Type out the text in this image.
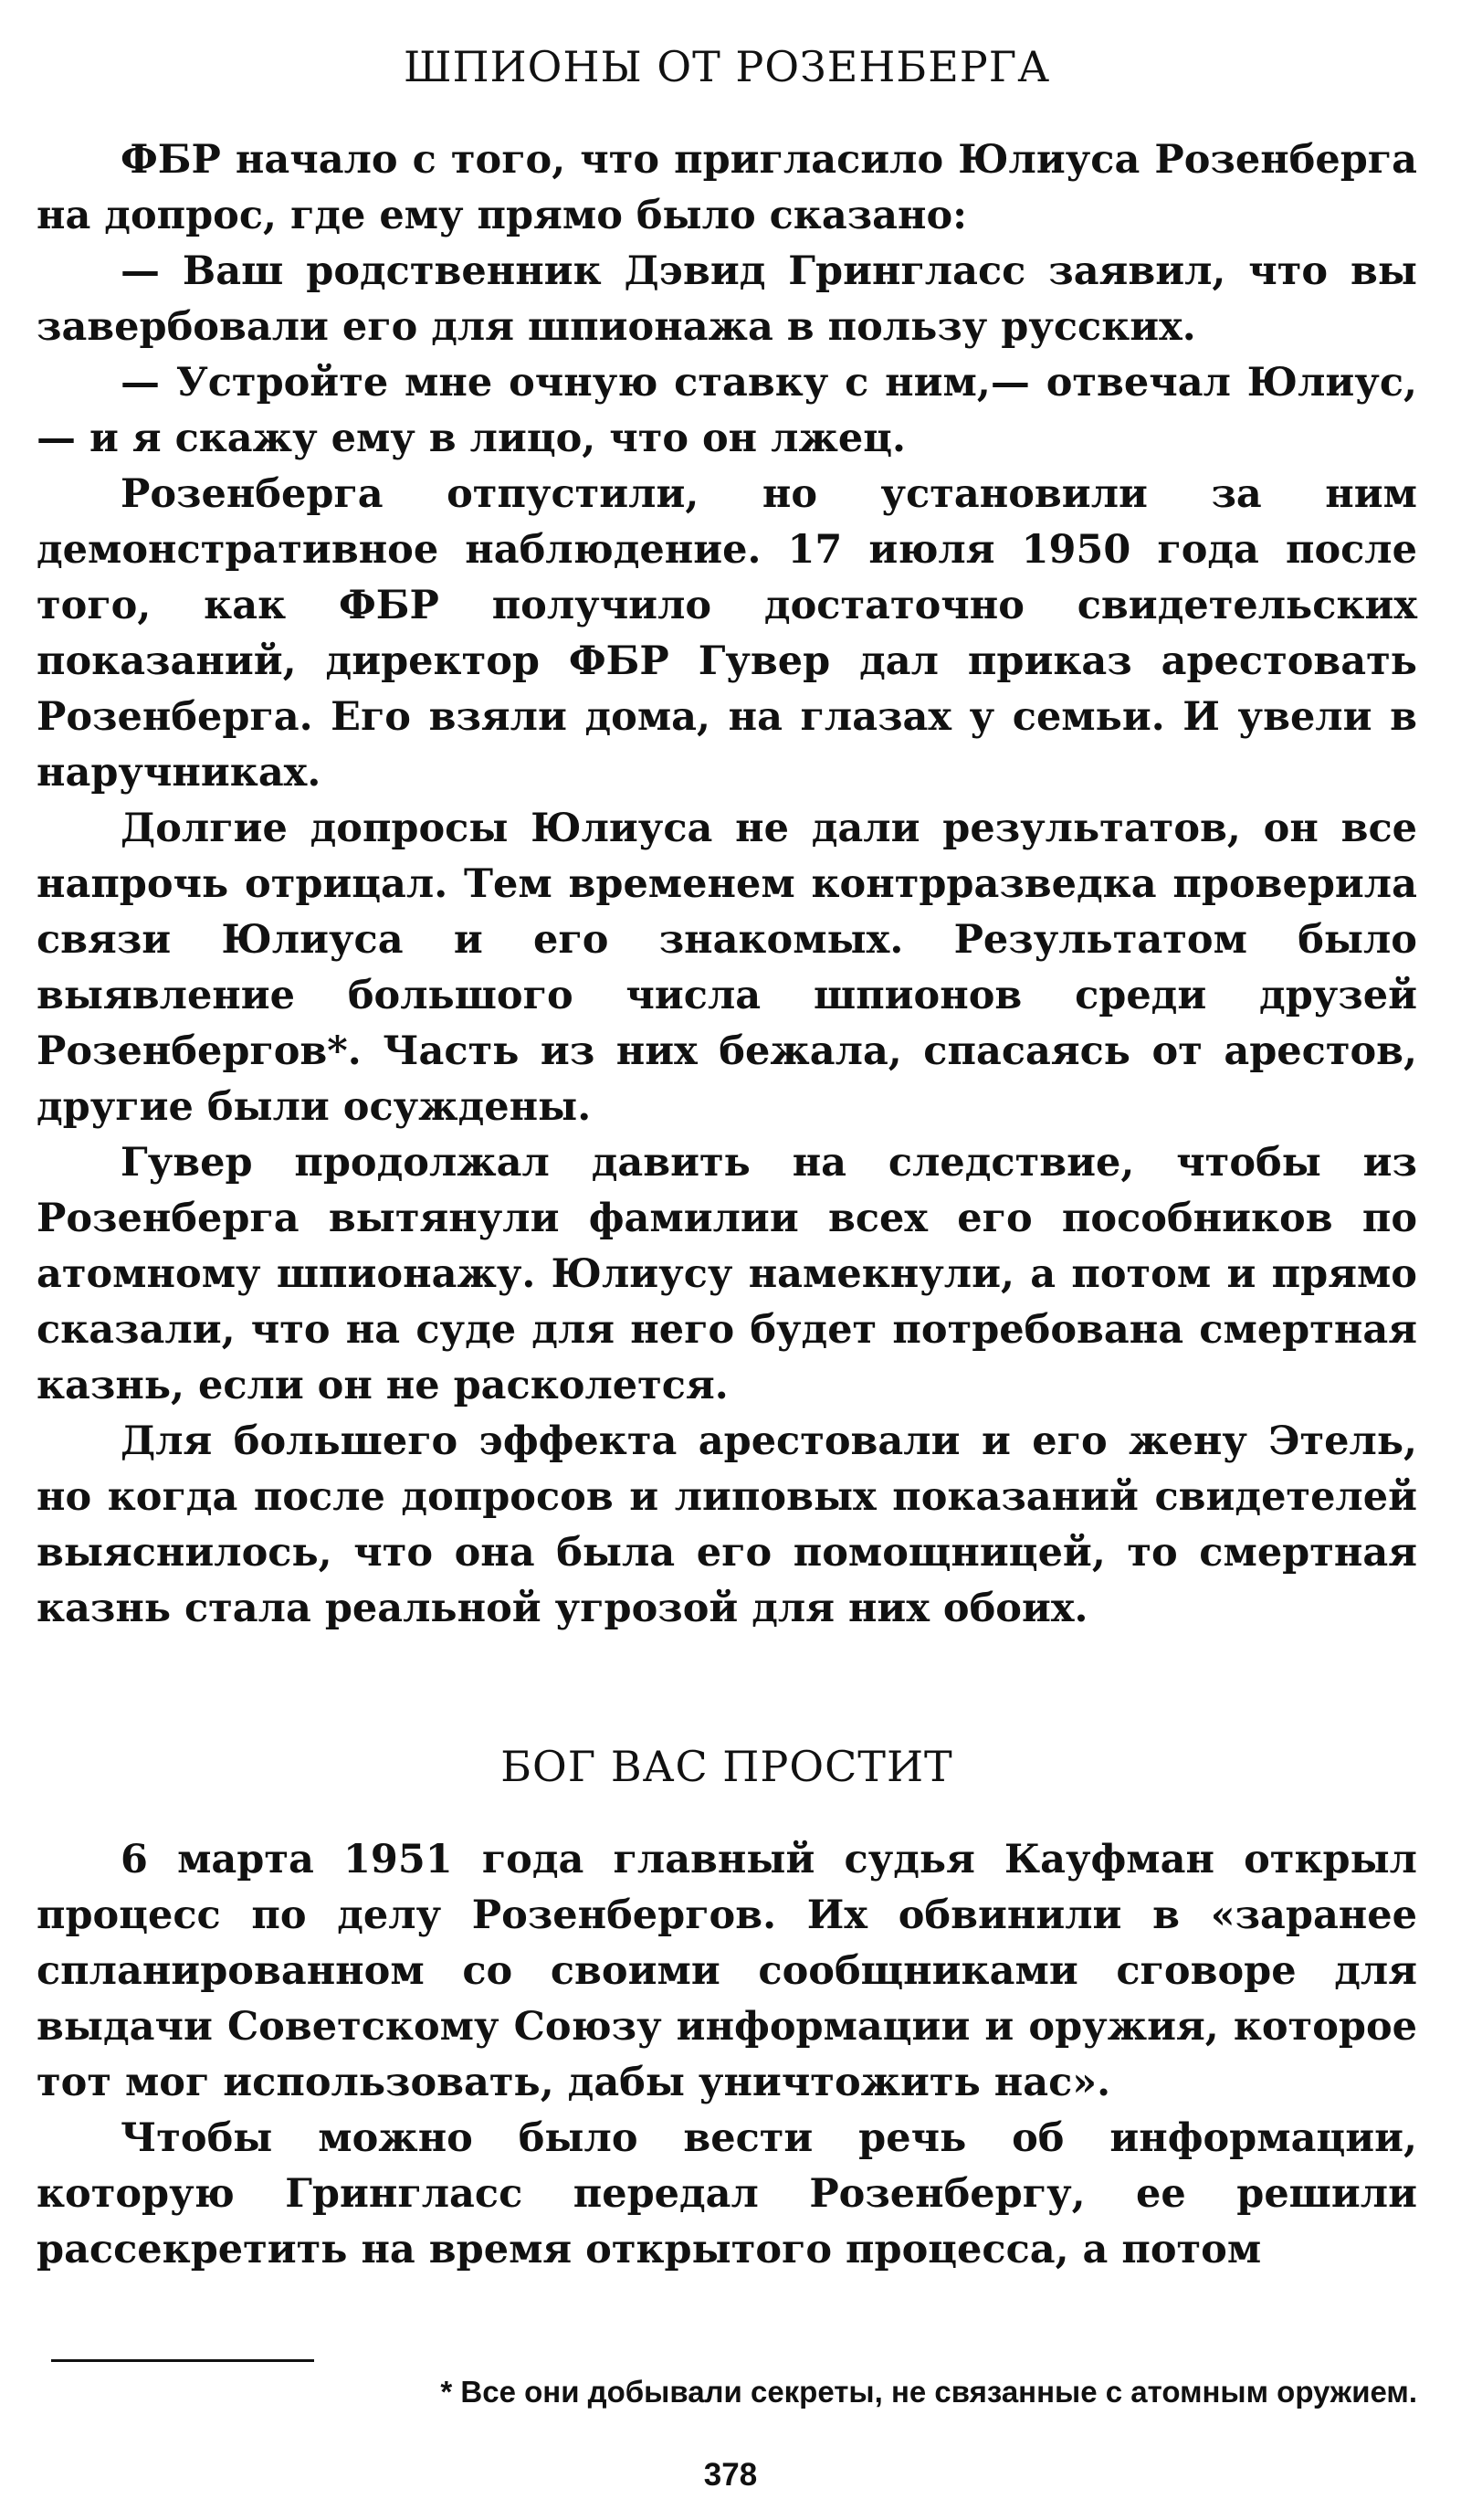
ШПИОНЫ ОТ РОЗЕНБЕРГА

ФБР начало с того, что пригласило Юлиуса Розенберга на допрос, где ему прямо было сказано:

— Ваш родственник Дэвид Грингласс заявил, что вы завербовали его для шпионажа в пользу русских.

— Устройте мне очную ставку с ним,— отвечал Юлиус,— и я скажу ему в лицо, что он лжец.

Розенберга отпустили, но установили за ним демонстративное наблюдение. 17 июля 1950 года после того, как ФБР получило достаточно свидетельских показаний, директор ФБР Гувер дал приказ арестовать Розенберга. Его взяли дома, на глазах у семьи. И увели в наручниках.

Долгие допросы Юлиуса не дали результатов, он все напрочь отрицал. Тем временем контрразведка проверила связи Юлиуса и его знакомых. Результатом было выявление большого числа шпионов среди друзей Розенбергов*. Часть из них бежала, спасаясь от арестов, другие были осуждены.

Гувер продолжал давить на следствие, чтобы из Розенберга вытянули фамилии всех его пособников по атомному шпионажу. Юлиусу намекнули, а потом и прямо сказали, что на суде для него будет потребована смертная казнь, если он не расколется.

Для большего эффекта арестовали и его жену Этель, но когда после допросов и липовых показаний свидетелей выяснилось, что она была его помощницей, то смертная казнь стала реальной угрозой для них обоих.

БОГ ВАС ПРОСТИТ

6 марта 1951 года главный судья Кауфман открыл процесс по делу Розенбергов. Их обвинили в «заранее спланированном со своими сообщниками сговоре для выдачи Советскому Союзу информации и оружия, которое тот мог использовать, дабы уничтожить нас».

Чтобы можно было вести речь об информации, которую Грингласс передал Розенбергу, ее решили рассекретить на время открытого процесса, а потом

* Все они добывали секреты, не связанные с атомным оружием.
378
